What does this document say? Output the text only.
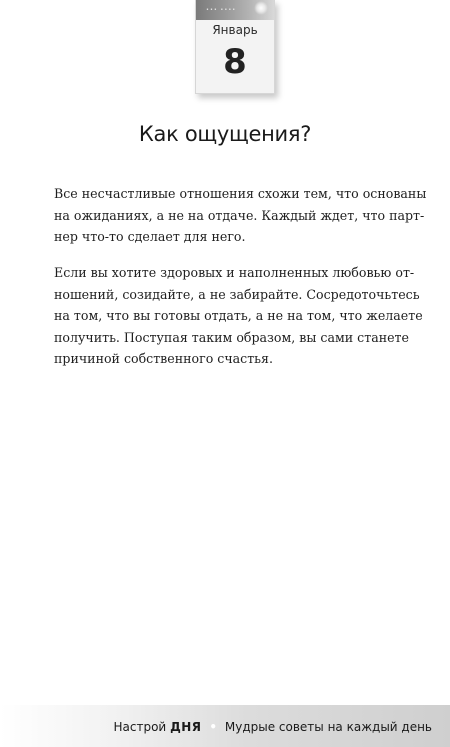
••• ••••
Январь
8
Как ощущения?

Все несчастливые отношения схожи тем, что основаны
на ожиданиях, а не на отдаче. Каждый ждет, что парт-
нер что-то сделает для него.

Если вы хотите здоровых и наполненных любовью от-
ношений, созидайте, а не забирайте. Сосредоточьтесь
на том, что вы готовы отдать, а не на том, что желаете
получить. Поступая таким образом, вы сами станете
причиной собственного счастья.

Настрой ДНЯ • Мудрые советы на каждый день
